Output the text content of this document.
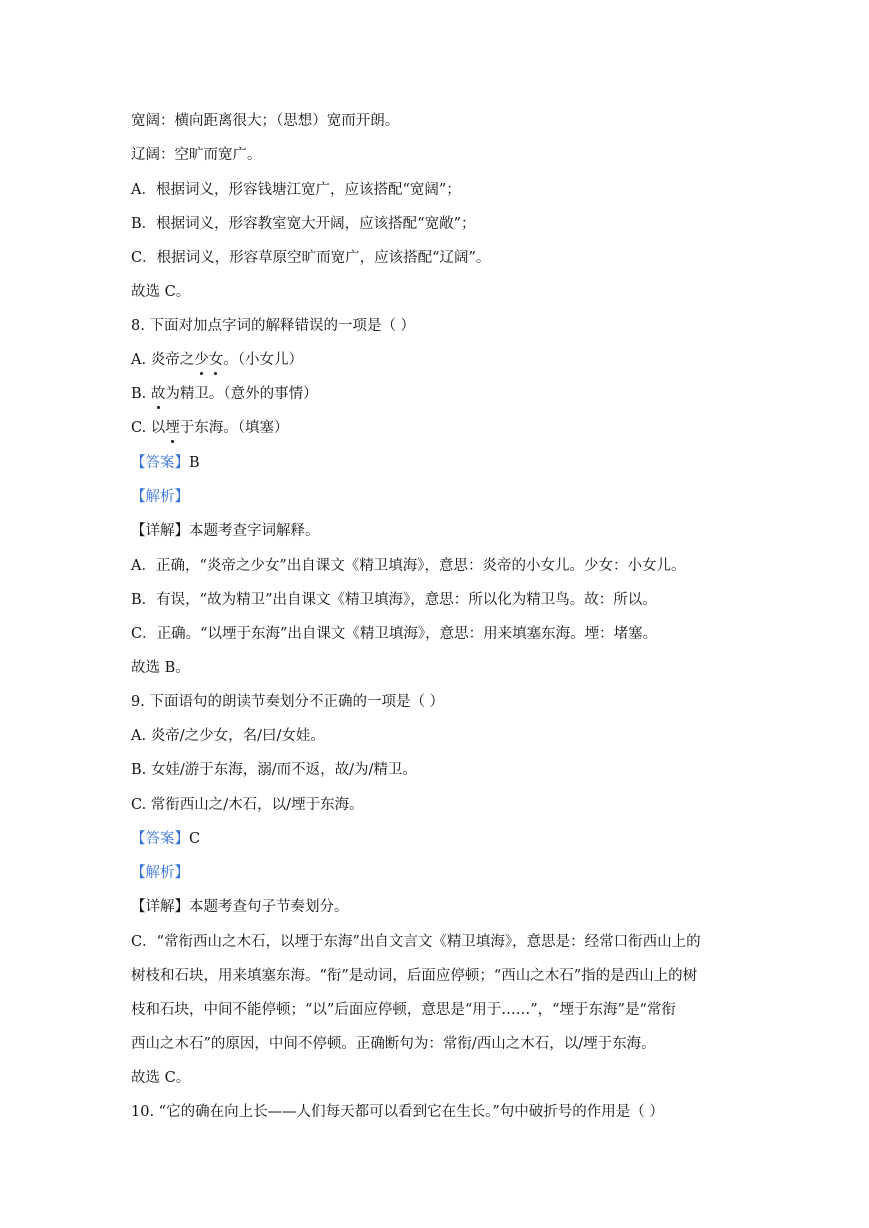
宽阔：横向距离很大；（思想）宽而开朗。
辽阔：空旷而宽广。
A．根据词义，形容钱塘江宽广，应该搭配“宽阔”；
B．根据词义，形容教室宽大开阔，应该搭配“宽敞”；
C．根据词义，形容草原空旷而宽广，应该搭配“辽阔”。
故选 C。
8. 下面对加点字词的解释错误的一项是（ ）
A. 炎帝之少女。（小女儿）
B. 故为精卫。（意外的事情）
C. 以堙于东海。（填塞）
【答案】B
【解析】
【详解】本题考查字词解释。
A．正确，“炎帝之少女”出自课文《精卫填海》，意思：炎帝的小女儿。少女：小女儿。
B．有误，“故为精卫”出自课文《精卫填海》，意思：所以化为精卫鸟。故：所以。
C．正确。“以堙于东海”出自课文《精卫填海》，意思：用来填塞东海。堙：堵塞。
故选 B。
9. 下面语句的朗读节奏划分不正确的一项是（ ）
A. 炎帝/之少女，名/曰/女娃。
B. 女娃/游于东海，溺/而不返，故/为/精卫。
C. 常衔西山之/木石，以/堙于东海。
【答案】C
【解析】
【详解】本题考查句子节奏划分。
C．“常衔西山之木石，以堙于东海”出自文言文《精卫填海》，意思是：经常口衔西山上的
树枝和石块，用来填塞东海。“衔”是动词，后面应停顿；“西山之木石”指的是西山上的树
枝和石块，中间不能停顿；“以”后面应停顿，意思是“用于……”，“堙于东海”是“常衔
西山之木石”的原因，中间不停顿。正确断句为：常衔/西山之木石，以/堙于东海。
故选 C。
10. “它的确在向上长——人们每天都可以看到它在生长。”句中破折号的作用是（ ）
